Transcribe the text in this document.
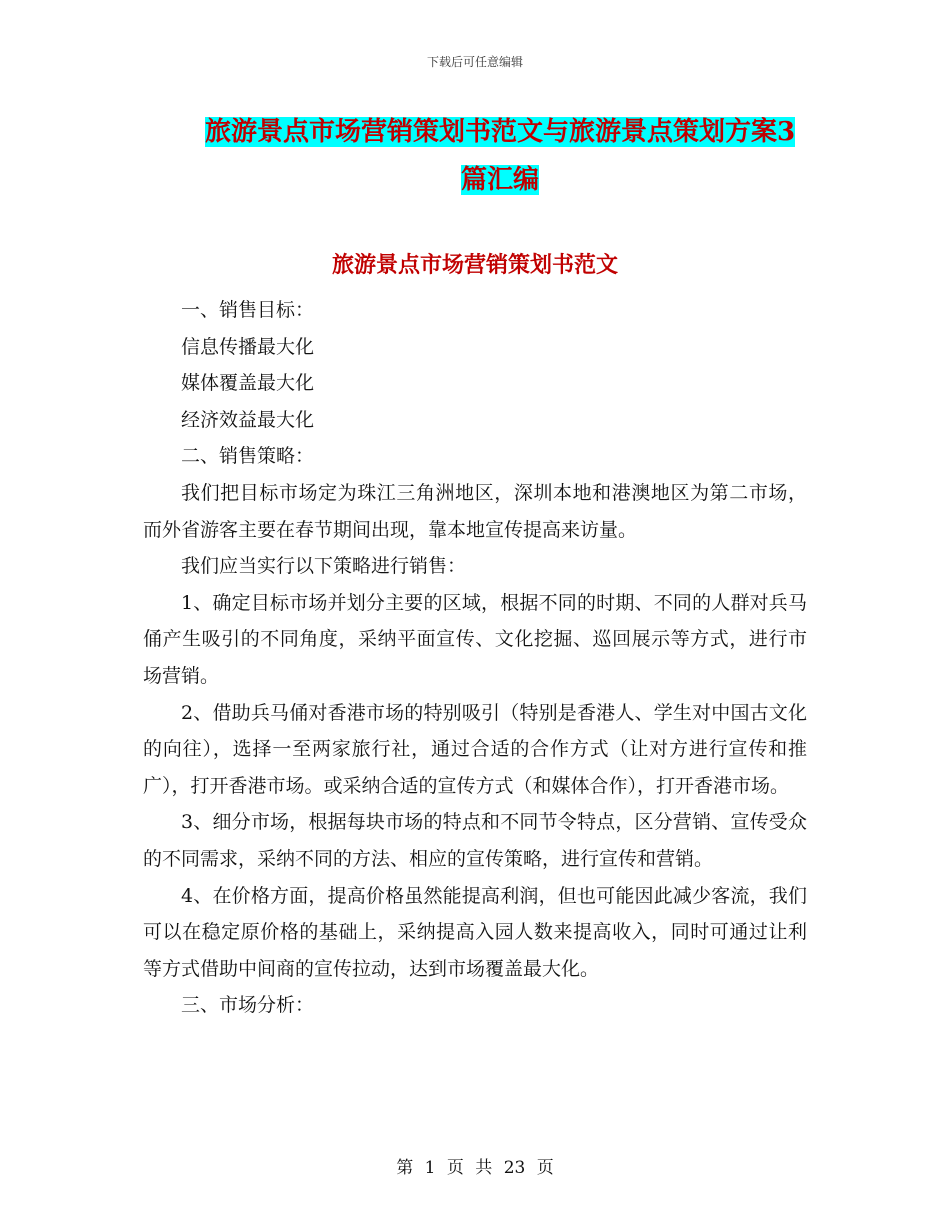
下载后可任意编辑
旅游景点市场营销策划书范文与旅游景点策划方案3
篇汇编
旅游景点市场营销策划书范文

一、销售目标：

信息传播最大化

媒体覆盖最大化

经济效益最大化

二、销售策略：

我们把目标市场定为珠江三角洲地区，深圳本地和港澳地区为第二市场，而外省游客主要在春节期间出现，靠本地宣传提高来访量。

我们应当实行以下策略进行销售：

1、确定目标市场并划分主要的区域，根据不同的时期、不同的人群对兵马俑产生吸引的不同角度，采纳平面宣传、文化挖掘、巡回展示等方式，进行市场营销。

2、借助兵马俑对香港市场的特别吸引（特别是香港人、学生对中国古文化的向往），选择一至两家旅行社，通过合适的合作方式（让对方进行宣传和推广），打开香港市场。或采纳合适的宣传方式（和媒体合作），打开香港市场。

3、细分市场，根据每块市场的特点和不同节令特点，区分营销、宣传受众的不同需求，采纳不同的方法、相应的宣传策略，进行宣传和营销。

4、在价格方面，提高价格虽然能提高利润，但也可能因此减少客流，我们可以在稳定原价格的基础上，采纳提高入园人数来提高收入，同时可通过让利等方式借助中间商的宣传拉动，达到市场覆盖最大化。

三、市场分析：

第 1 页 共 23 页
